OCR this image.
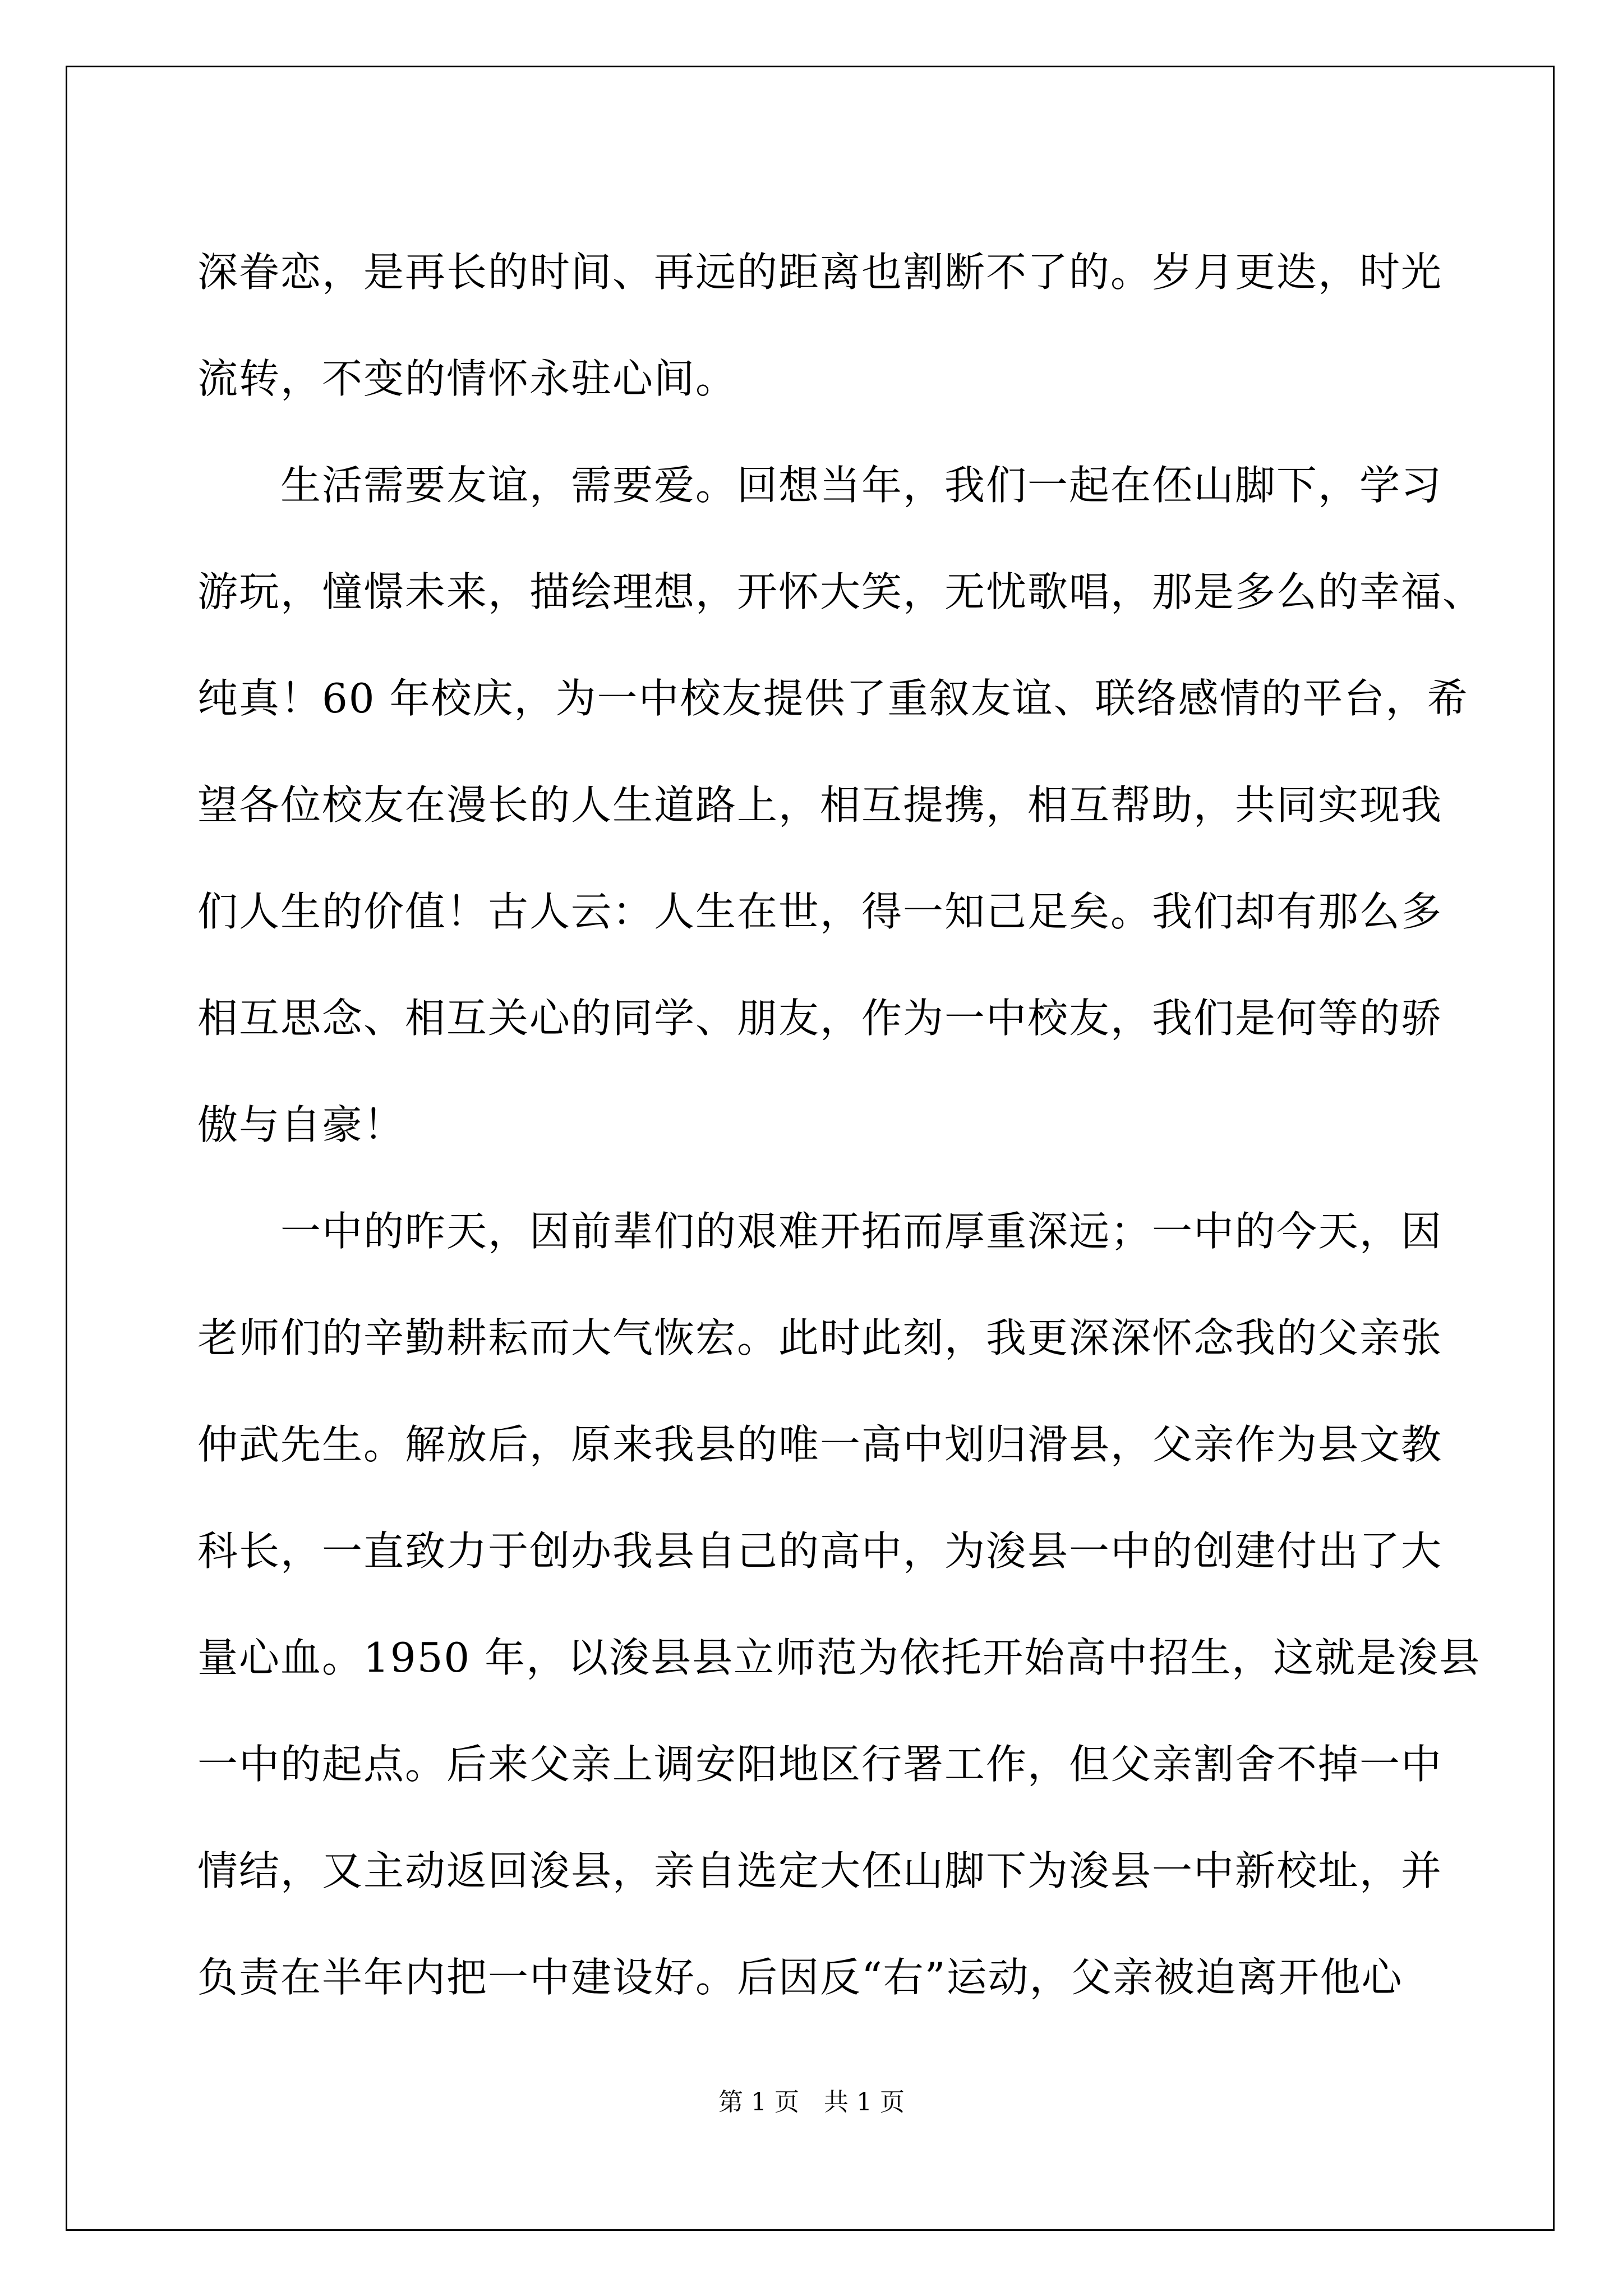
深眷恋，是再长的时间、再远的距离也割断不了的。岁月更迭，时光
流转，不变的情怀永驻心间。
　　生活需要友谊，需要爱。回想当年，我们一起在伾山脚下，学习
游玩，憧憬未来，描绘理想，开怀大笑，无忧歌唱，那是多么的幸福、
纯真！60 年校庆，为一中校友提供了重叙友谊、联络感情的平台，希
望各位校友在漫长的人生道路上，相互提携，相互帮助，共同实现我
们人生的价值！古人云：人生在世，得一知己足矣。我们却有那么多
相互思念、相互关心的同学、朋友，作为一中校友，我们是何等的骄
傲与自豪！
　　一中的昨天，因前辈们的艰难开拓而厚重深远；一中的今天，因
老师们的辛勤耕耘而大气恢宏。此时此刻，我更深深怀念我的父亲张
仲武先生。解放后，原来我县的唯一高中划归滑县，父亲作为县文教
科长，一直致力于创办我县自己的高中，为浚县一中的创建付出了大
量心血。1950 年，以浚县县立师范为依托开始高中招生，这就是浚县
一中的起点。后来父亲上调安阳地区行署工作，但父亲割舍不掉一中
情结，又主动返回浚县，亲自选定大伾山脚下为浚县一中新校址，并
负责在半年内把一中建设好。后因反“右”运动，父亲被迫离开他心
第 1 页　共 1 页
